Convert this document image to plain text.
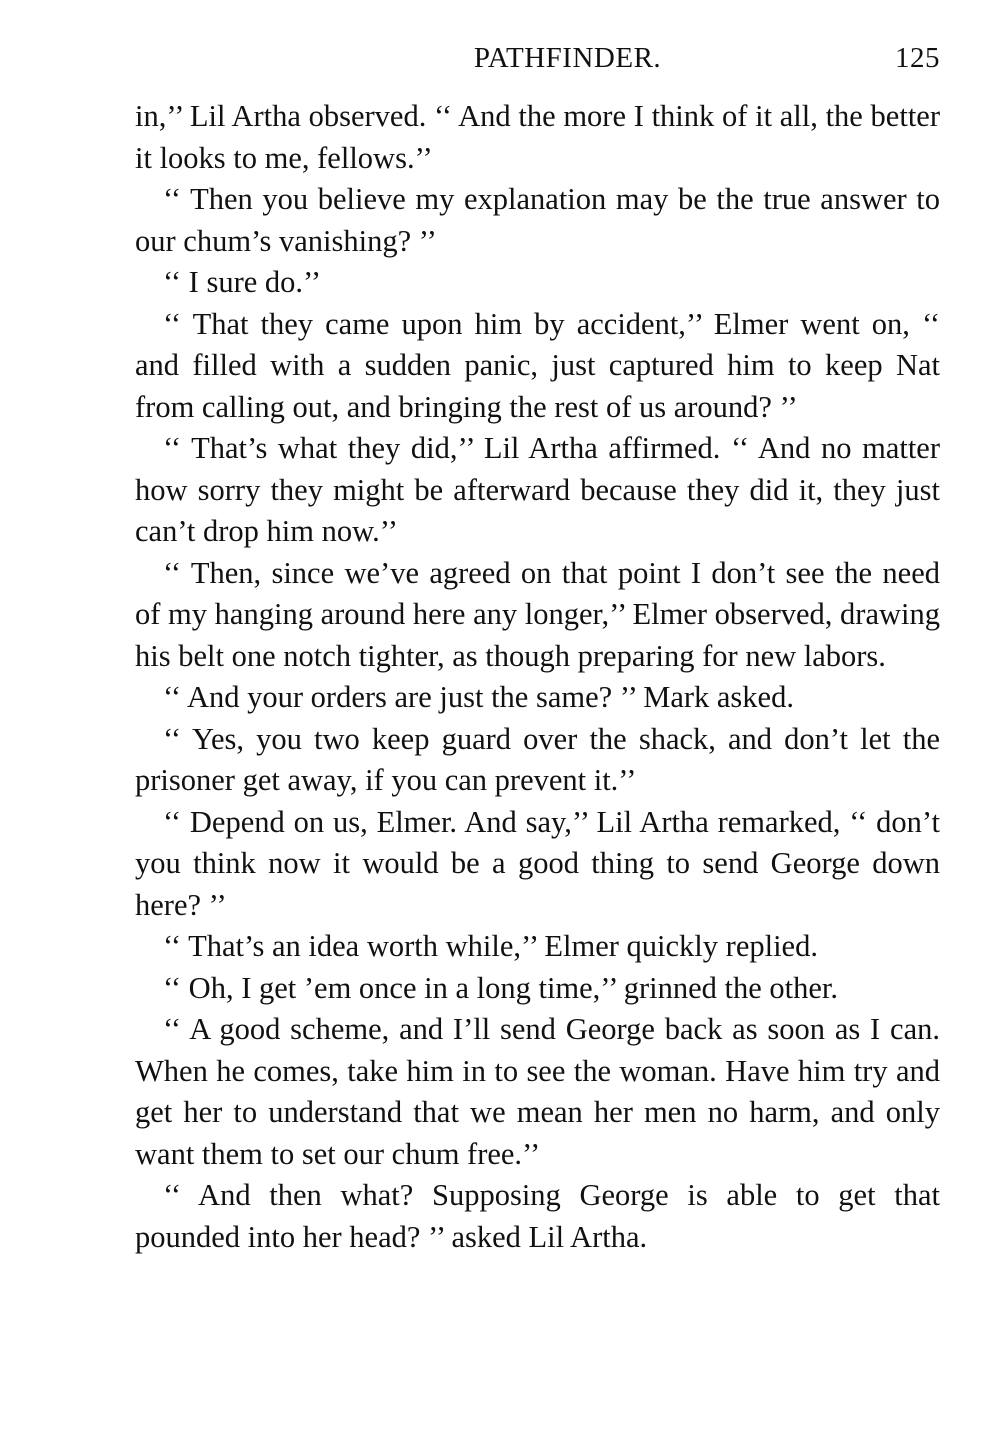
PATHFINDER.	125

in,’’ Lil Artha observed. ‘‘ And the more I think of it all, the better it looks to me, fellows.’’

‘‘ Then you believe my explanation may be the true answer to our chum’s vanishing? ’’

‘‘ I sure do.’’

‘‘ That they came upon him by accident,’’ Elmer went on, ‘‘ and filled with a sudden panic, just captured him to keep Nat from calling out, and bringing the rest of us around? ’’

‘‘ That’s what they did,’’ Lil Artha affirmed. ‘‘ And no matter how sorry they might be afterward because they did it, they just can’t drop him now.’’

‘‘ Then, since we’ve agreed on that point I don’t see the need of my hanging around here any longer,’’ Elmer observed, drawing his belt one notch tighter, as though preparing for new labors.

‘‘ And your orders are just the same? ’’ Mark asked.

‘‘ Yes, you two keep guard over the shack, and don’t let the prisoner get away, if you can prevent it.’’

‘‘ Depend on us, Elmer. And say,’’ Lil Artha remarked, ‘‘ don’t you think now it would be a good thing to send George down here? ’’

‘‘ That’s an idea worth while,’’ Elmer quickly replied.

‘‘ Oh, I get ’em once in a long time,’’ grinned the other.

‘‘ A good scheme, and I’ll send George back as soon as I can. When he comes, take him in to see the woman. Have him try and get her to understand that we mean her men no harm, and only want them to set our chum free.’’

‘‘ And then what? Supposing George is able to get that pounded into her head? ’’ asked Lil Artha.
